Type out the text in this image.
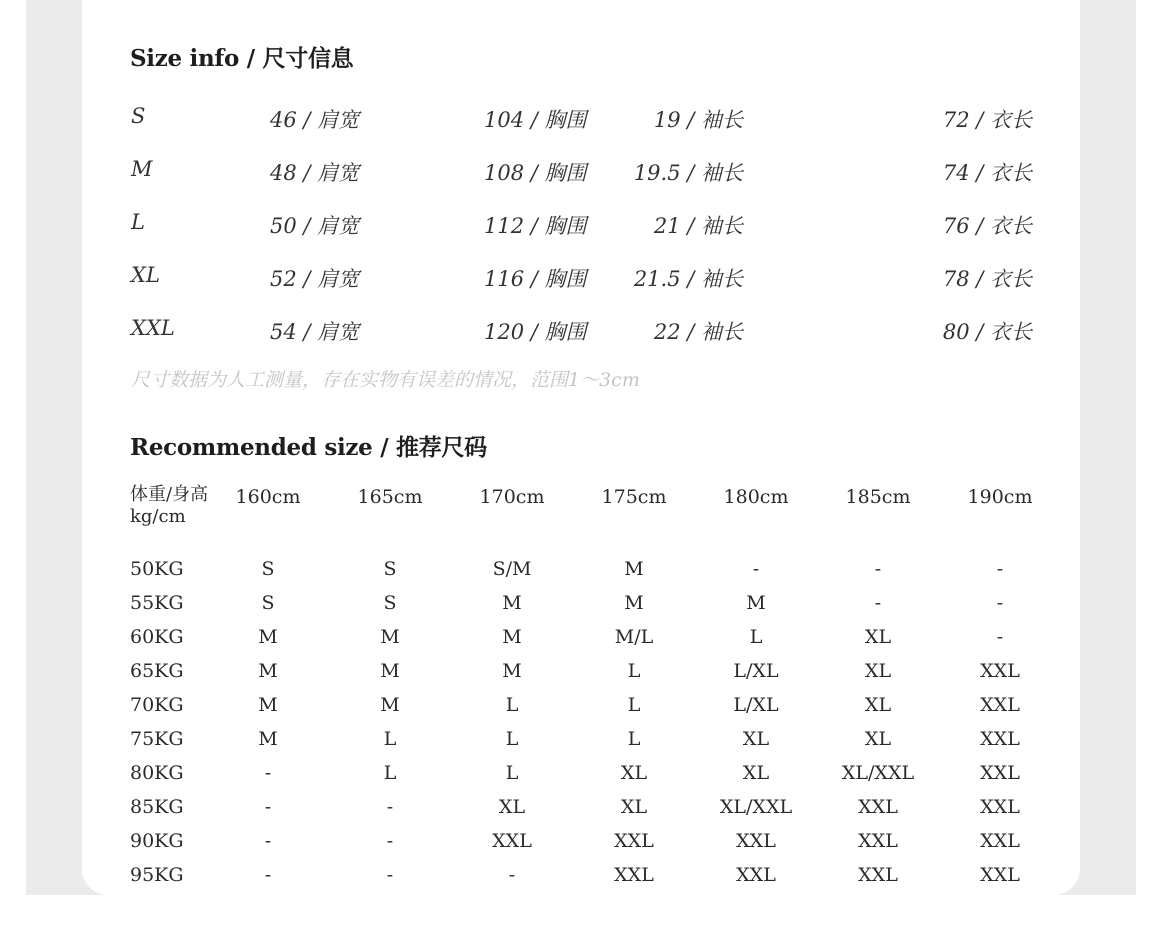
Size info / 尺寸信息
S	46 / 肩宽	104 / 胸围	19 / 袖长	72 / 衣长
M	48 / 肩宽	108 / 胸围 19.5 / 袖长	74 / 衣长
L	50 / 肩宽	112 / 胸围	21 / 袖长	76 / 衣长
XL	52 / 肩宽	116 / 胸围 21.5 / 袖长	78 / 衣长
XXL	54 / 肩宽	120 / 胸围	22 / 袖长	80 / 衣长

尺寸数据为人工测量，存在实物有误差的情况，范围1～3cm

Recommended size / 推荐尺码
体重/身高
kg/cm
160cm	165cm	170cm	175cm	180cm	185cm	190cm
50KG	S	S	S/M	M	-	-	-
55KG	S	S	M	M	M	-	-
60KG	M	M	M	M/L	L	XL	-
65KG	M	M	M	L	L/XL	XL	XXL
70KG	M	M	L	L	L/XL	XL	XXL
75KG	M	L	L	L	XL	XL	XXL
80KG	-	L	L	XL	XL	XL/XXL	XXL
85KG	-	-	XL	XL	XL/XXL	XXL	XXL
90KG	-	-	XXL	XXL	XXL	XXL	XXL
95KG	-	-	-	XXL	XXL	XXL	XXL
